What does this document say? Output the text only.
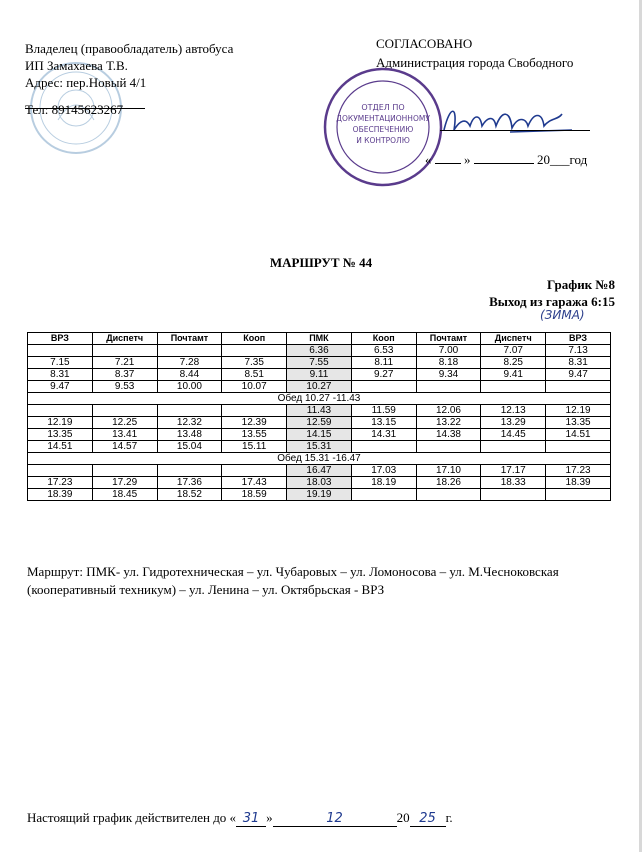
Владелец (правообладатель) автобуса
ИП Замахаева Т.В.
Адрес: пер.Новый 4/1
Тел: 89145623267
СОГЛАСОВАНО
Администрация города Свободного
ОТДЕЛ ПО
ДОКУМЕНТАЦИОННОМУ
ОБЕСПЕЧЕНИЮ
И КОНТРОЛЮ
«	»	20___год
МАРШРУТ № 44
График №8
Выход из гаража 6:15
(ЗИМА)
ВРЗ	Диспетч	Почтамт	Кооп	ПМК	Кооп	Почтамт	Диспетч	ВРЗ
				6.36	6.53	7.00	7.07	7.13
7.15	7.21	7.28	7.35	7.55	8.11	8.18	8.25	8.31
8.31	8.37	8.44	8.51	9.11	9.27	9.34	9.41	9.47
9.47	9.53	10.00	10.07	10.27				
Обед 10.27 -11.43								
				11.43	11.59	12.06	12.13	12.19
12.19	12.25	12.32	12.39	12.59	13.15	13.22	13.29	13.35
13.35	13.41	13.48	13.55	14.15	14.31	14.38	14.45	14.51
14.51	14.57	15.04	15.11	15.31				
Обед 15.31 -16.47								
				16.47	17.03	17.10	17.17	17.23
17.23	17.29	17.36	17.43	18.03	18.19	18.26	18.33	18.39
18.39	18.45	18.52	18.59	19.19				
Маршрут: ПМК- ул. Гидротехническая – ул. Чубаровых – ул. Ломоносова – ул. М.Чесноковская (кооперативный техникум) – ул. Ленина – ул. Октябрьская - ВРЗ
Настоящий график действителен до « 31 »	12	20 25 г.
